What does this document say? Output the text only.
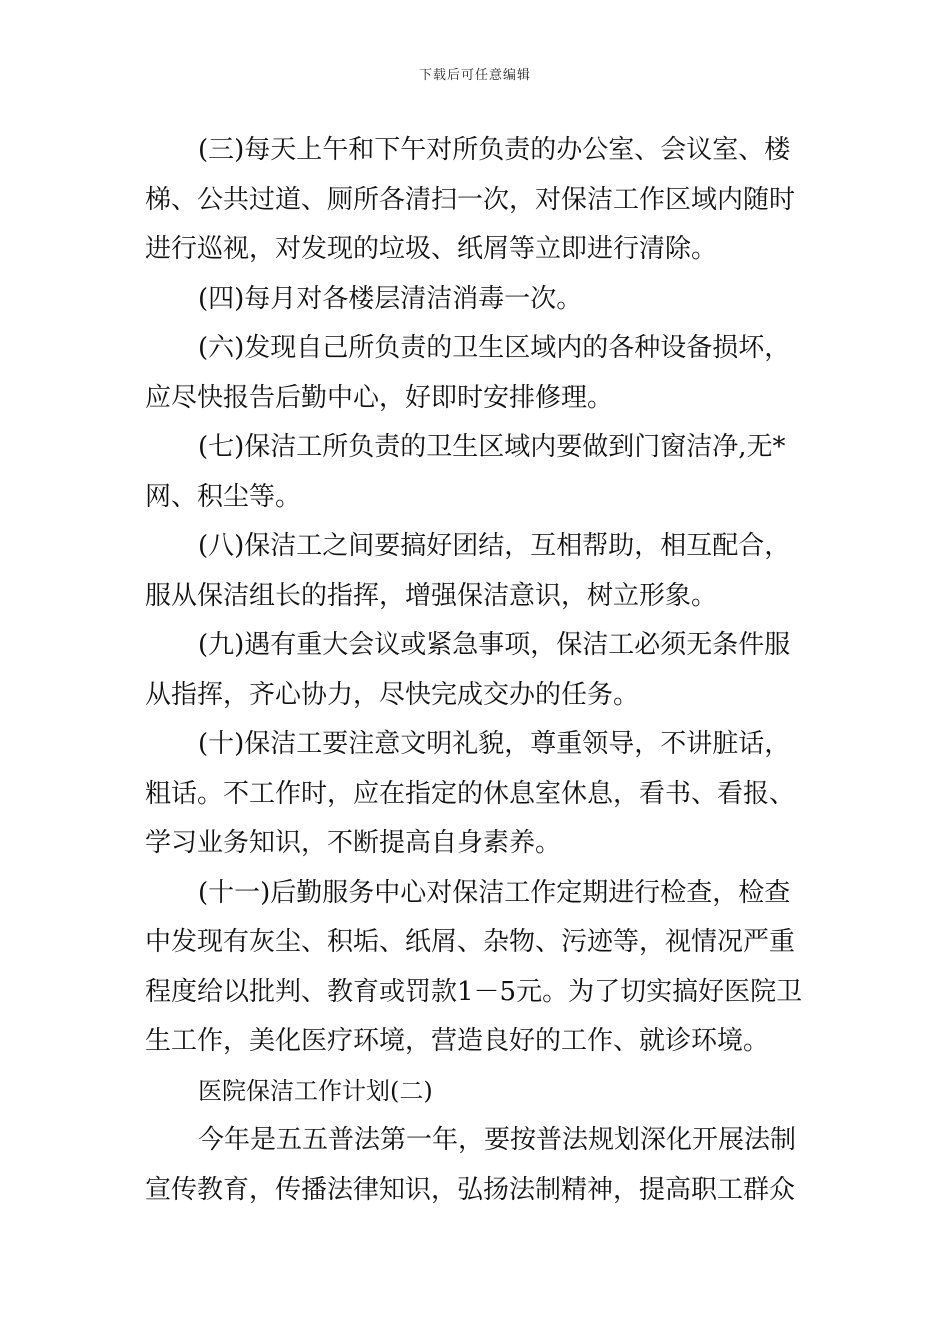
下载后可任意编辑

(三)每天上午和下午对所负责的办公室、会议室、楼梯、公共过道、厕所各清扫一次，对保洁工作区域内随时进行巡视，对发现的垃圾、纸屑等立即进行清除。

(四)每月对各楼层清洁消毒一次。

(六)发现自己所负责的卫生区域内的各种设备损坏，应尽快报告后勤中心，好即时安排修理。

(七)保洁工所负责的卫生区域内要做到门窗洁净,无*网、积尘等。

(八)保洁工之间要搞好团结，互相帮助，相互配合，服从保洁组长的指挥，增强保洁意识，树立形象。

(九)遇有重大会议或紧急事项，保洁工必须无条件服从指挥，齐心协力，尽快完成交办的任务。

(十)保洁工要注意文明礼貌，尊重领导，不讲脏话，粗话。不工作时，应在指定的休息室休息，看书、看报、学习业务知识，不断提高自身素养。

(十一)后勤服务中心对保洁工作定期进行检查，检查中发现有灰尘、积垢、纸屑、杂物、污迹等，视情况严重程度给以批判、教育或罚款1－5元。为了切实搞好医院卫生工作，美化医疗环境，营造良好的工作、就诊环境。

医院保洁工作计划(二)

今年是五五普法第一年，要按普法规划深化开展法制宣传教育，传播法律知识，弘扬法制精神，提高职工群众
